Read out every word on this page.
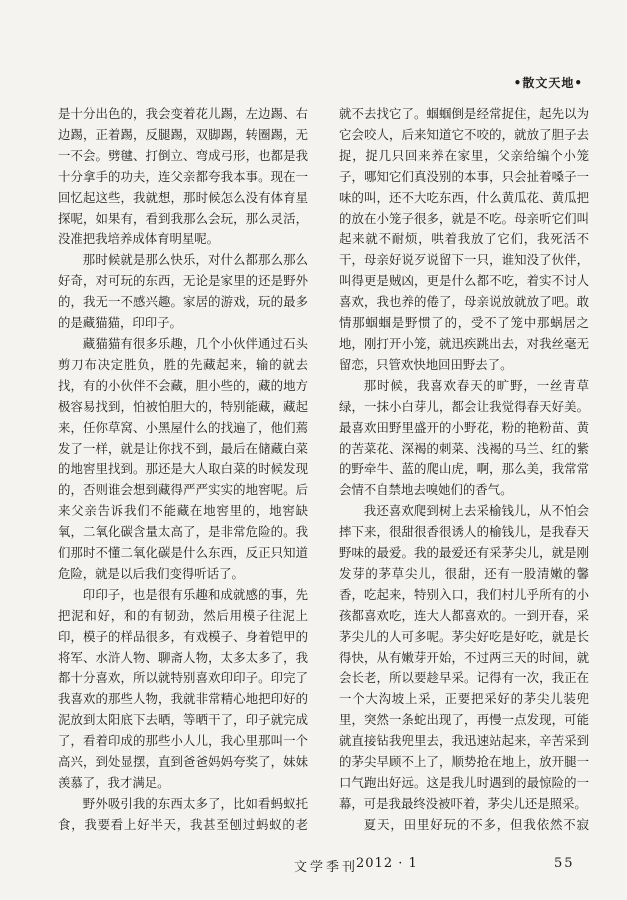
•散文天地•

是十分出色的，我会变着花儿踢，左边踢、右边踢，正着踢，反腿踢，双脚踢，转圈踢，无一不会。劈毽、打倒立、弯成弓形，也都是我十分拿手的功夫，连父亲都夸我本事。现在一回忆起这些，我就想，那时候怎么没有体育星探呢，如果有，看到我那么会玩，那么灵活，没准把我培养成体育明星呢。

那时候就是那么快乐，对什么都那么那么好奇，对可玩的东西，无论是家里的还是野外的，我无一不感兴趣。家居的游戏，玩的最多的是藏猫猫，印印子。

藏猫猫有很多乐趣，几个小伙伴通过石头剪刀布决定胜负，胜的先藏起来，输的就去找，有的小伙伴不会藏，胆小些的，藏的地方极容易找到，怕被怕胆大的，特别能藏，藏起来，任你草窝、小黑屋什么的找遍了，他们蔫发了一样，就是让你找不到，最后在储藏白菜的地窖里找到。那还是大人取白菜的时候发现的，否则谁会想到藏得严严实实的地窖呢。后来父亲告诉我们不能藏在地窖里的，地窖缺氧，二氧化碳含量太高了，是非常危险的。我们那时不懂二氧化碳是什么东西，反正只知道危险，就是以后我们变得听话了。

印印子，也是很有乐趣和成就感的事，先把泥和好，和的有韧劲，然后用模子往泥上印，模子的样品很多，有戏模子、身着铠甲的将军、水浒人物、聊斋人物，太多太多了，我都十分喜欢，所以就特别喜欢印印子。印完了我喜欢的那些人物，我就非常精心地把印好的泥放到太阳底下去晒，等晒干了，印子就完成了，看着印成的那些小人儿，我心里那叫一个高兴，到处显摆，直到爸爸妈妈夸奖了，妹妹羡慕了，我才满足。

野外吸引我的东西太多了，比如看蚂蚁托食，我要看上好半天，我甚至刨过蚂蚁的老

就不去找它了。蝈蝈倒是经常捉住，起先以为它会咬人，后来知道它不咬的，就放了胆子去捉，捉几只回来养在家里，父亲给编个小笼子，哪知它们真没别的本事，只会扯着嗓子一味的叫，还不大吃东西，什么黄瓜花、黄瓜把的放在小笼子很多，就是不吃。母亲听它们叫起来就不耐烦，哄着我放了它们，我死活不干，母亲好说歹说留下一只，谁知没了伙伴，叫得更是贼凶，更是什么都不吃，着实不讨人喜欢，我也养的倦了，母亲说放就放了吧。敢情那蝈蝈是野惯了的，受不了笼中那蜗居之地，刚打开小笼，就迅疾跳出去，对我丝毫无留恋，只管欢快地回田野去了。

那时候，我喜欢春天的旷野，一丝青草绿，一抹小白芽儿，都会让我觉得春天好美。最喜欢田野里盛开的小野花，粉的艳粉苗、黄的苦菜花、深褐的刺菜、浅褐的马兰、红的紫的野牵牛、蓝的爬山虎，啊，那么美，我常常会情不自禁地去嗅她们的香气。

我还喜欢爬到树上去采榆钱儿，从不怕会摔下来，很甜很香很诱人的榆钱儿，是我春天野味的最爱。我的最爱还有采茅尖儿，就是刚发芽的茅草尖儿，很甜，还有一股清嫩的馨香，吃起来，特别入口，我们村儿乎所有的小孩都喜欢吃，连大人都喜欢的。一到开春，采茅尖儿的人可多呢。茅尖好吃是好吃，就是长得快，从有嫩芽开始，不过两三天的时间，就会长老，所以要趁早采。记得有一次，我正在一个大沟坡上采，正要把采好的茅尖儿装兜里，突然一条蛇出现了，再慢一点发现，可能就直接钻我兜里去，我迅速站起来，辛苦采到的茅尖早顾不上了，顺势抢在地上，放开腿一口气跑出好远。这是我儿时遇到的最惊险的一幕，可是我最终没被吓着，茅尖儿还是照采。

夏天，田里好玩的不多，但我依然不寂

文学季刊
2012 · 1	55
